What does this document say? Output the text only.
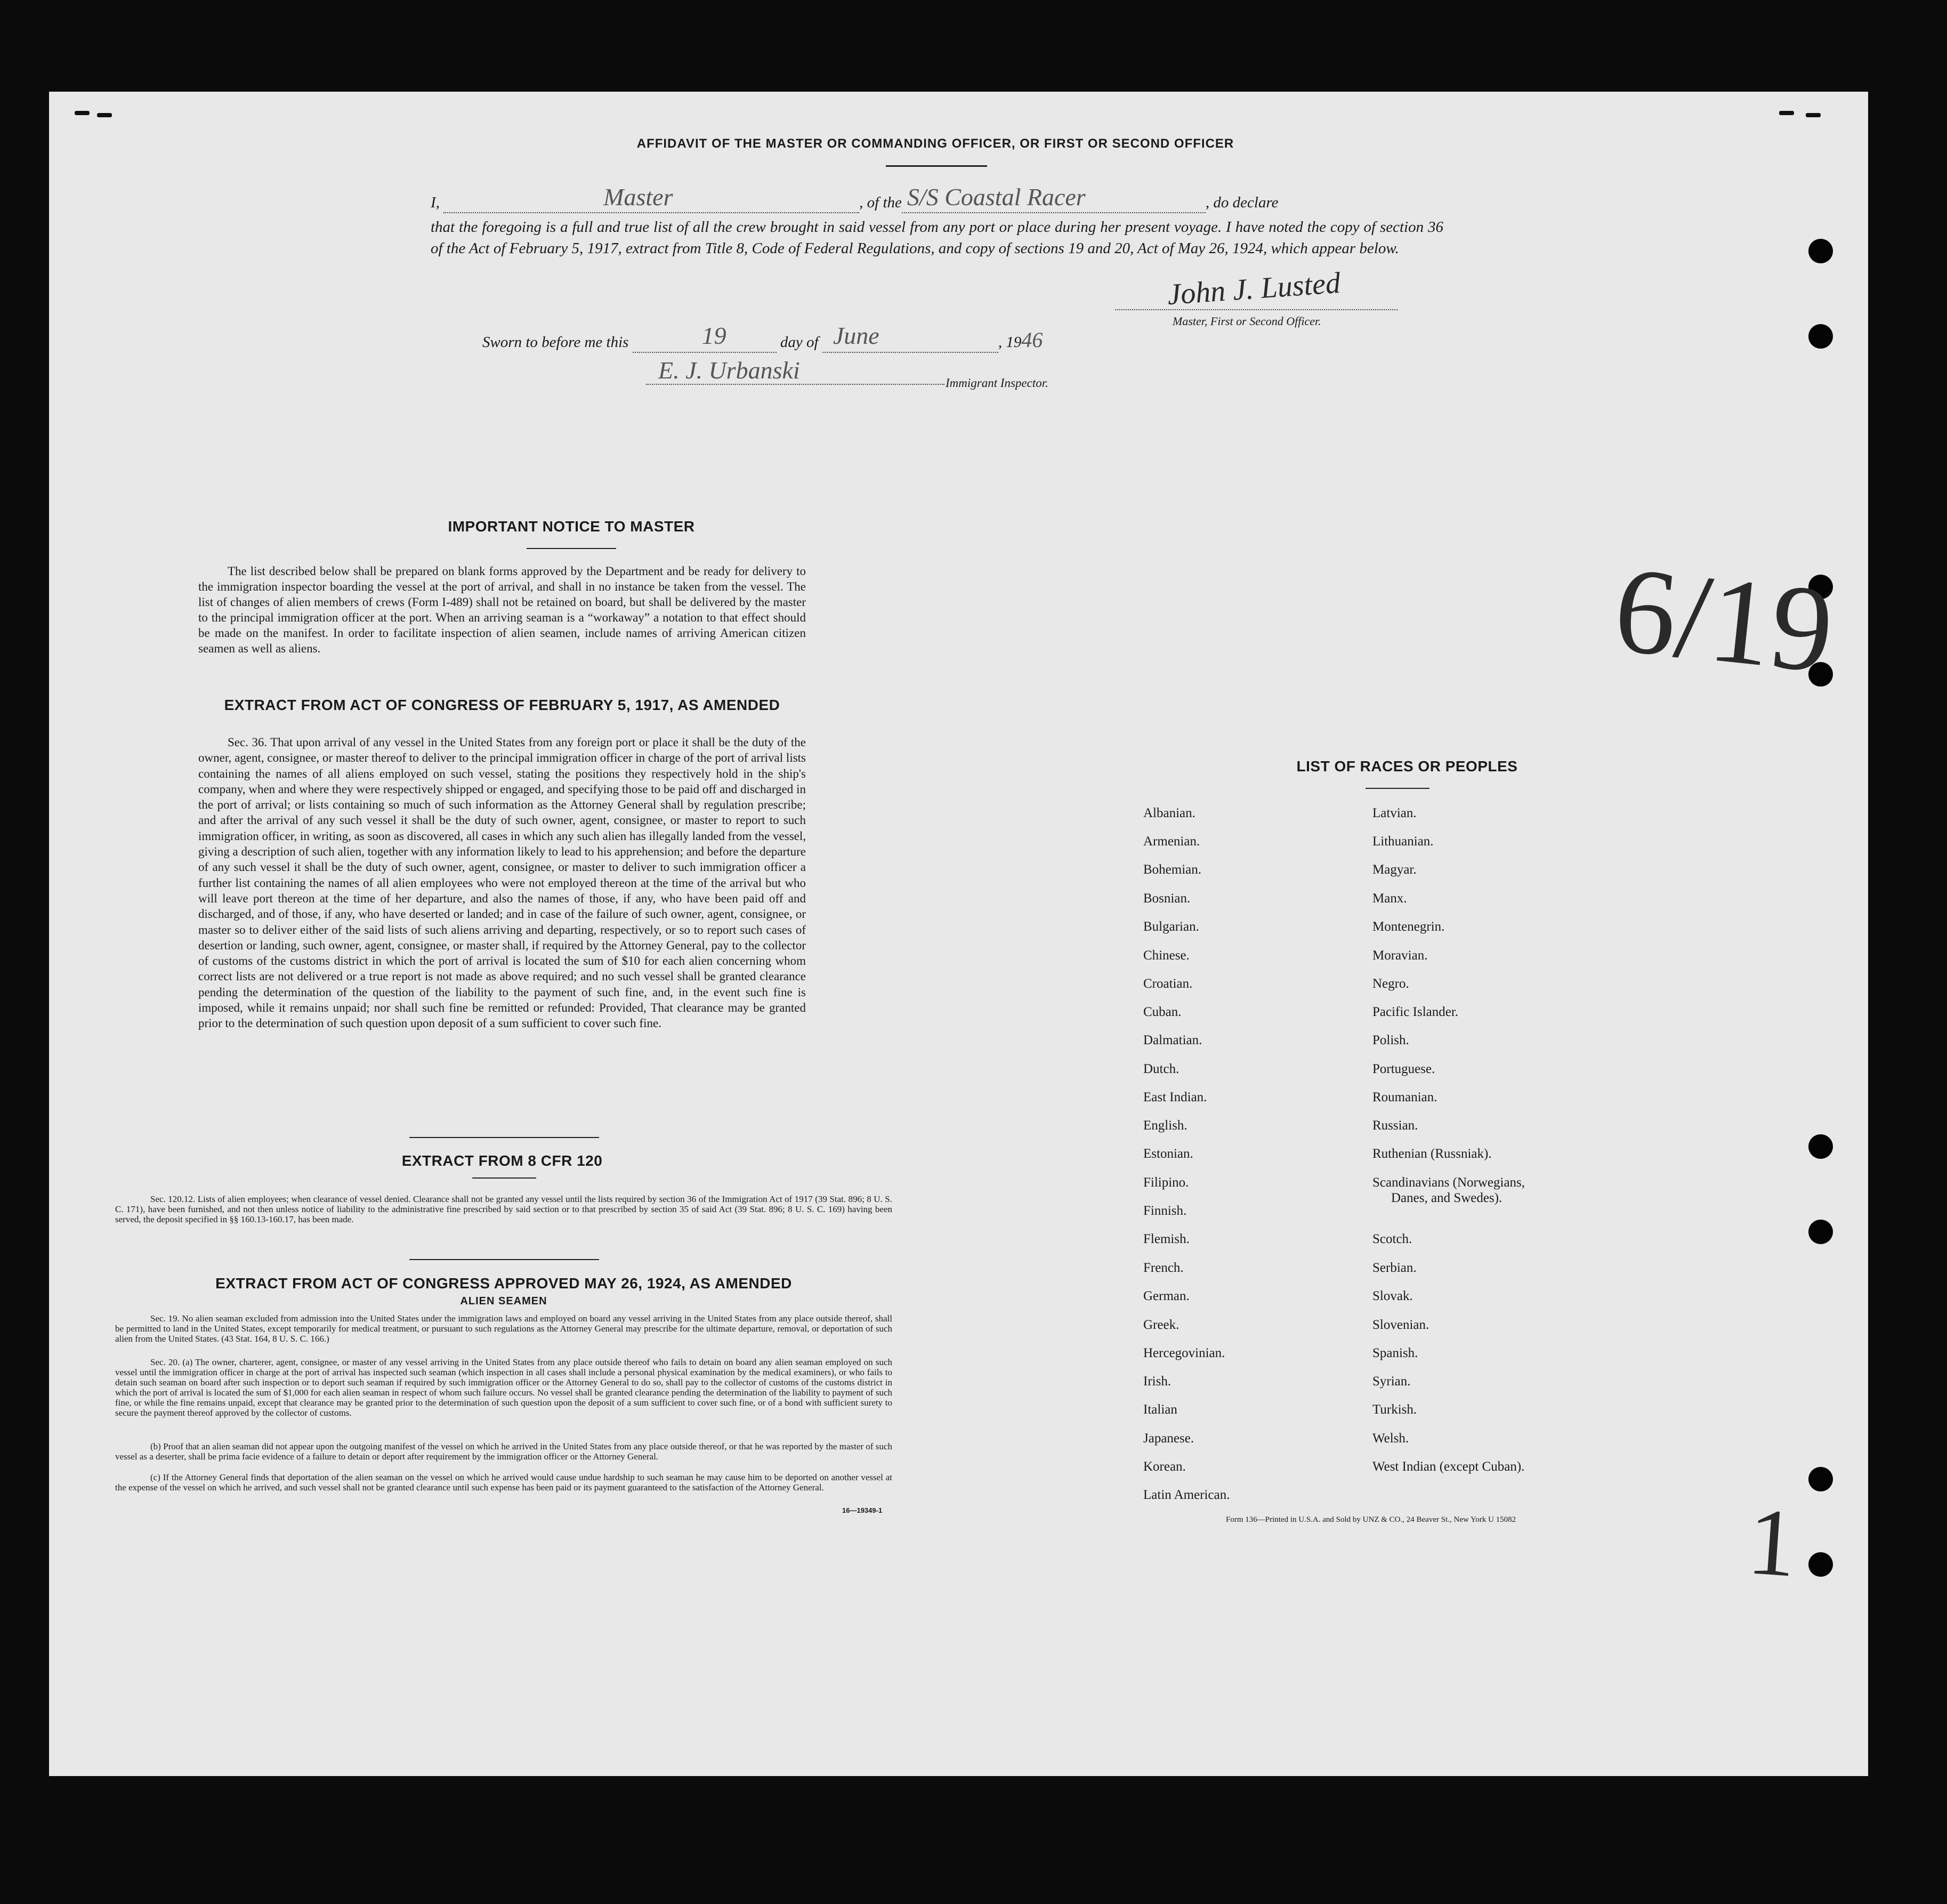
AFFIDAVIT OF THE MASTER OR COMMANDING OFFICER, OR FIRST OR SECOND OFFICER
I,	Master	, of the S/S Coastal Racer	, do declare
that the foregoing is a full and true list of all the crew brought in said vessel from any port or place during her present voyage. I have noted the copy of section 36 of the Act of February 5, 1917, extract from Title 8, Code of Federal Regulations, and copy of sections 19 and 20, Act of May 26, 1924, which appear below.
John J. Lusted
Master, First or Second Officer.
Sworn to before me this	19	day of June	, 1946
E. J. Urbanski	Immigrant Inspector.
6/19
1
IMPORTANT NOTICE TO MASTER
The list described below shall be prepared on blank forms approved by the Department and be ready for delivery to the immigration inspector boarding the vessel at the port of arrival, and shall in no instance be taken from the vessel. The list of changes of alien members of crews (Form I-489) shall not be retained on board, but shall be delivered by the master to the principal immigration officer at the port. When an arriving seaman is a “workaway” a notation to that effect should be made on the manifest. In order to facilitate inspection of alien seamen, include names of arriving American citizen seamen as well as aliens.
EXTRACT FROM ACT OF CONGRESS OF FEBRUARY 5, 1917, AS AMENDED
Sec. 36. That upon arrival of any vessel in the United States from any foreign port or place it shall be the duty of the owner, agent, consignee, or master thereof to deliver to the principal immigration officer in charge of the port of arrival lists containing the names of all aliens employed on such vessel, stating the positions they respectively hold in the ship's company, when and where they were respectively shipped or engaged, and specifying those to be paid off and discharged in the port of arrival; or lists containing so much of such information as the Attorney General shall by regulation prescribe; and after the arrival of any such vessel it shall be the duty of such owner, agent, consignee, or master to report to such immigration officer, in writing, as soon as discovered, all cases in which any such alien has illegally landed from the vessel, giving a description of such alien, together with any information likely to lead to his apprehension; and before the departure of any such vessel it shall be the duty of such owner, agent, consignee, or master to deliver to such immigration officer a further list containing the names of all alien employees who were not employed thereon at the time of the arrival but who will leave port thereon at the time of her departure, and also the names of those, if any, who have been paid off and discharged, and of those, if any, who have deserted or landed; and in case of the failure of such owner, agent, consignee, or master so to deliver either of the said lists of such aliens arriving and departing, respectively, or so to report such cases of desertion or landing, such owner, agent, consignee, or master shall, if required by the Attorney General, pay to the collector of customs of the customs district in which the port of arrival is located the sum of $10 for each alien concerning whom correct lists are not delivered or a true report is not made as above required; and no such vessel shall be granted clearance pending the determination of the question of the liability to the payment of such fine, and, in the event such fine is imposed, while it remains unpaid; nor shall such fine be remitted or refunded: Provided, That clearance may be granted prior to the determination of such question upon deposit of a sum sufficient to cover such fine.
EXTRACT FROM 8 CFR 120
Sec. 120.12. Lists of alien employees; when clearance of vessel denied. Clearance shall not be granted any vessel until the lists required by section 36 of the Immigration Act of 1917 (39 Stat. 896; 8 U. S. C. 171), have been furnished, and not then unless notice of liability to the administrative fine prescribed by said section or to that prescribed by section 35 of said Act (39 Stat. 896; 8 U. S. C. 169) having been served, the deposit specified in §§ 160.13-160.17, has been made.
EXTRACT FROM ACT OF CONGRESS APPROVED MAY 26, 1924, AS AMENDED
ALIEN SEAMEN
Sec. 19. No alien seaman excluded from admission into the United States under the immigration laws and employed on board any vessel arriving in the United States from any place outside thereof, shall be permitted to land in the United States, except temporarily for medical treatment, or pursuant to such regulations as the Attorney General may prescribe for the ultimate departure, removal, or deportation of such alien from the United States. (43 Stat. 164, 8 U. S. C. 166.)
Sec. 20. (a) The owner, charterer, agent, consignee, or master of any vessel arriving in the United States from any place outside thereof who fails to detain on board any alien seaman employed on such vessel until the immigration officer in charge at the port of arrival has inspected such seaman (which inspection in all cases shall include a personal physical examination by the medical examiners), or who fails to detain such seaman on board after such inspection or to deport such seaman if required by such immigration officer or the Attorney General to do so, shall pay to the collector of customs of the customs district in which the port of arrival is located the sum of $1,000 for each alien seaman in respect of whom such failure occurs. No vessel shall be granted clearance pending the determination of the liability to payment of such fine, or while the fine remains unpaid, except that clearance may be granted prior to the determination of such question upon the deposit of a sum sufficient to cover such fine, or of a bond with sufficient surety to secure the payment thereof approved by the collector of customs.
(b) Proof that an alien seaman did not appear upon the outgoing manifest of the vessel on which he arrived in the United States from any place outside thereof, or that he was reported by the master of such vessel as a deserter, shall be prima facie evidence of a failure to detain or deport after requirement by the immigration officer or the Attorney General.
(c) If the Attorney General finds that deportation of the alien seaman on the vessel on which he arrived would cause undue hardship to such seaman he may cause him to be deported on another vessel at the expense of the vessel on which he arrived, and such vessel shall not be granted clearance until such expense has been paid or its payment guaranteed to the satisfaction of the Attorney General.
16—19349-1
LIST OF RACES OR PEOPLES
Albanian.
Armenian.
Bohemian.
Bosnian.
Bulgarian.
Chinese.
Croatian.
Cuban.
Dalmatian.
Dutch.
East Indian.
English.
Estonian.
Filipino.
Finnish.
Flemish.
French.
German.
Greek.
Hercegovinian.
Irish.
Italian
Japanese.
Korean.
Latin American.
Latvian.
Lithuanian.
Magyar.
Manx.
Montenegrin.
Moravian.
Negro.
Pacific Islander.
Polish.
Portuguese.
Roumanian.
Russian.
Ruthenian (Russniak).
Scandinavians (Norwegians,
Danes, and Swedes).
Scotch.
Serbian.
Slovak.
Slovenian.
Spanish.
Syrian.
Turkish.
Welsh.
West Indian (except Cuban).
Form 136—Printed in U.S.A. and Sold by UNZ & CO., 24 Beaver St., New York U 15082
